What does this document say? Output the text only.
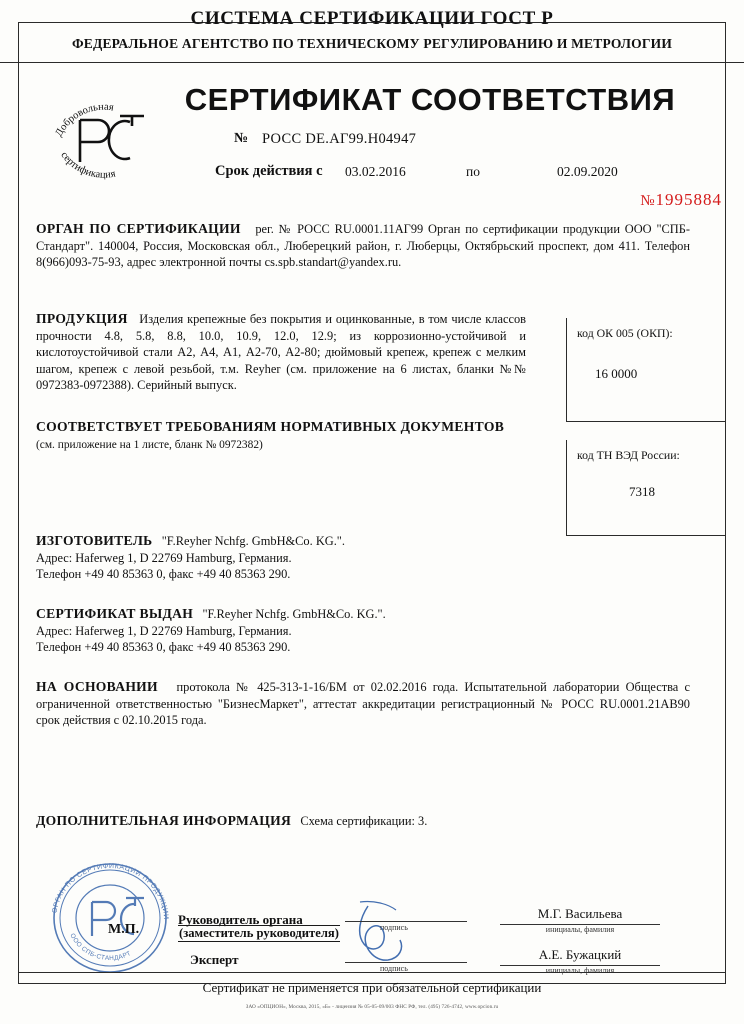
СИСТЕМА СЕРТИФИКАЦИИ ГОСТ Р
ФЕДЕРАЛЬНОЕ АГЕНТСТВО ПО ТЕХНИЧЕСКОМУ РЕГУЛИРОВАНИЮ И МЕТРОЛОГИИ
Добровольная
сертификация
СЕРТИФИКАТ СООТВЕТСТВИЯ
№ РОСС DE.АГ99.Н04947
Срок действия с 03.02.2016	по	02.09.2020
№1995884
ОРГАН ПО СЕРТИФИКАЦИИ рег. № РОСС RU.0001.11АГ99 Орган по сертификации продукции ООО "СПБ-Стандарт". 140004, Россия, Московская обл., Люберецкий район, г. Люберцы, Октябрьский проспект, дом 411. Телефон 8(966)093-75-93, адрес электронной почты cs.spb.standart@yandex.ru.
ПРОДУКЦИЯ Изделия крепежные без покрытия и оцинкованные, в том числе классов прочности 4.8, 5.8, 8.8, 10.0, 10.9, 12.0, 12.9; из коррозионно-устойчивой и кислотоустойчивой стали А2, А4, А1, А2-70, А2-80; дюймовый крепеж, крепеж с мелким шагом, крепеж с левой резьбой, т.м. Reyher (см. приложение на 6 листах, бланки №№ 0972383-0972388). Серийный выпуск.
СООТВЕТСТВУЕТ ТРЕБОВАНИЯМ НОРМАТИВНЫХ ДОКУМЕНТОВ
(см. приложение на 1 листе, бланк № 0972382)
ИЗГОТОВИТЕЛЬ "F.Reyher Nchfg. GmbH&Co. KG.".
Адрес: Haferweg 1, D 22769 Hamburg, Германия.
Телефон +49 40 85363 0, факс +49 40 85363 290.
СЕРТИФИКАТ ВЫДАН "F.Reyher Nchfg. GmbH&Co. KG.".
Адрес: Haferweg 1, D 22769 Hamburg, Германия.
Телефон +49 40 85363 0, факс +49 40 85363 290.
НА ОСНОВАНИИ протокола № 425-313-1-16/БМ от 02.02.2016 года. Испытательной лаборатории Общества с ограниченной ответственностью "БизнесМаркет", аттестат аккредитации регистрационный № РОСС RU.0001.21АВ90 срок действия с 02.10.2015 года.
ДОПОЛНИТЕЛЬНАЯ ИНФОРМАЦИЯ Схема сертификации: 3.
код ОК 005 (ОКП):
16 0000
код ТН ВЭД России:
7318
ОРГАН ПО СЕРТИФИКАЦИИ ПРОДУКЦИИ
ООО СПБ-СТАНДАРТ
М.П.
Руководитель органа
(заместитель руководителя)
Эксперт
подпись
подпись
М.Г. Васильева
инициалы, фамилия
А.Е. Бужацкий
инициалы, фамилия
Сертификат не применяется при обязательной сертификации
ЗАО «ОПЦИОН», Москва, 2015, «Б» - лицензия № 05-05-09/003 ФНС РФ, тел. (495) 726-4742, www.opcion.ru
